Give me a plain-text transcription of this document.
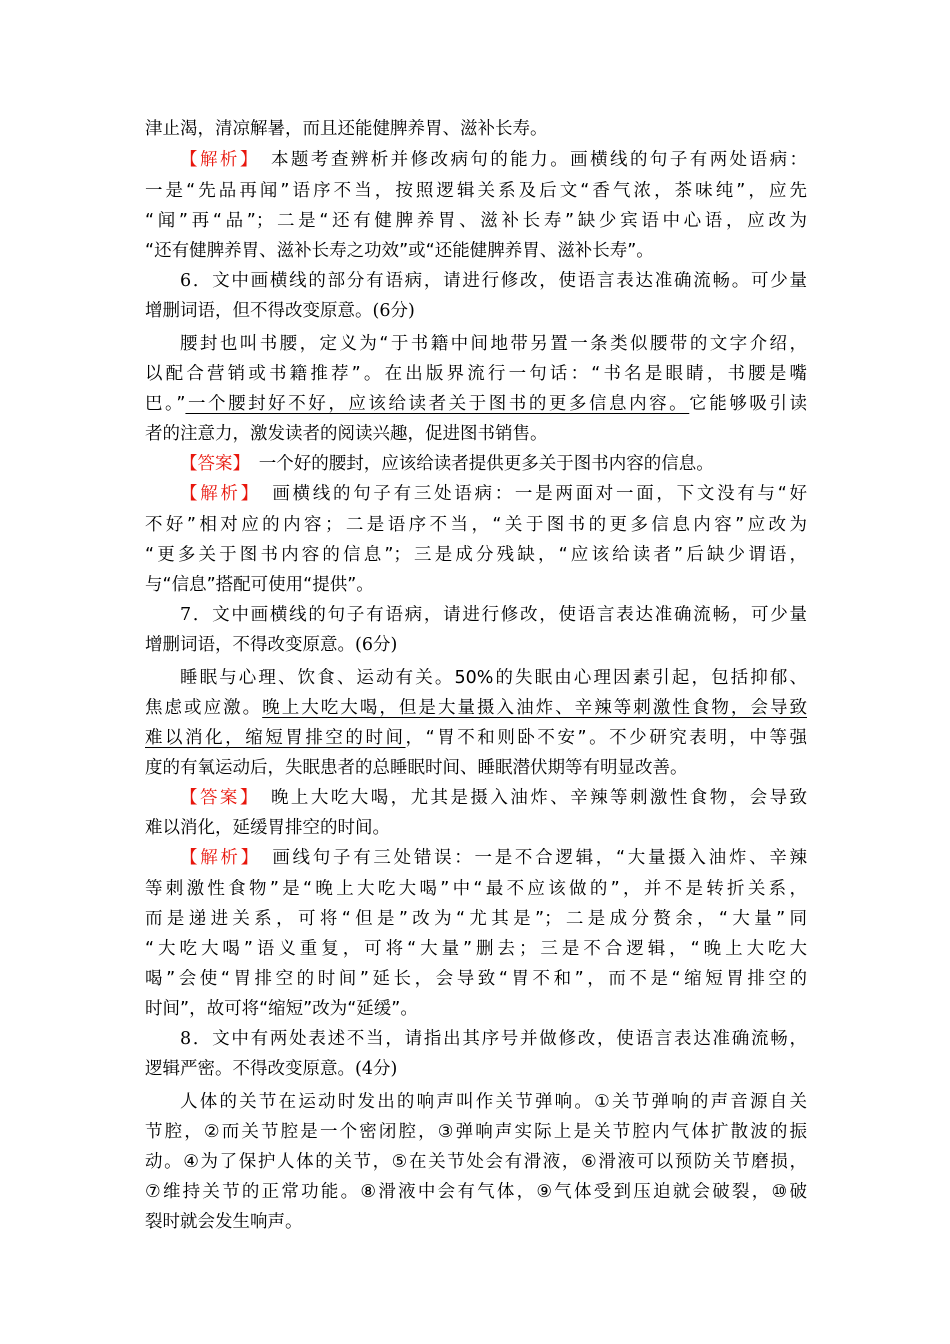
津止渴，清凉解暑，而且还能健脾养胃、滋补长寿。
【解析】　 本题考查辨析并修改病句的能力。画横线的句子有两处语病：
一是“先品再闻”语序不当，按照逻辑关系及后文“香气浓，茶味纯”，应先
“闻”再“品”；二是“还有健脾养胃、滋补长寿”缺少宾语中心语，应改为
“还有健脾养胃、滋补长寿之功效”或“还能健脾养胃、滋补长寿”。
6．文中画横线的部分有语病，请进行修改，使语言表达准确流畅。可少量
增删词语，但不得改变原意。(6分)
腰封也叫书腰，定义为“于书籍中间地带另置一条类似腰带的文字介绍，
以配合营销或书籍推荐”。在出版界流行一句话：“书名是眼睛，书腰是嘴
巴。”一个腰封好不好，应该给读者关于图书的更多信息内容。它能够吸引读
者的注意力，激发读者的阅读兴趣，促进图书销售。
【答案】　 一个好的腰封，应该给读者提供更多关于图书内容的信息。
【解析】　 画横线的句子有三处语病：一是两面对一面，下文没有与“好
不好”相对应的内容；二是语序不当，“关于图书的更多信息内容”应改为
“更多关于图书内容的信息”；三是成分残缺，“应该给读者”后缺少谓语，
与“信息”搭配可使用“提供”。
7．文中画横线的句子有语病，请进行修改，使语言表达准确流畅，可少量
增删词语，不得改变原意。(6分)
睡眠与心理、饮食、运动有关。50%的失眠由心理因素引起，包括抑郁、
焦虑或应激。晚上大吃大喝，但是大量摄入油炸、辛辣等刺激性食物，会导致
难以消化，缩短胃排空的时间，“胃不和则卧不安”。不少研究表明，中等强
度的有氧运动后，失眠患者的总睡眠时间、睡眠潜伏期等有明显改善。
【答案】　 晚上大吃大喝，尤其是摄入油炸、辛辣等刺激性食物，会导致
难以消化，延缓胃排空的时间。
【解析】　 画线句子有三处错误：一是不合逻辑，“大量摄入油炸、辛辣
等刺激性食物”是“晚上大吃大喝”中“最不应该做的”，并不是转折关系，
而是递进关系，可将“但是”改为“尤其是”；二是成分赘余，“大量”同
“大吃大喝”语义重复，可将“大量”删去；三是不合逻辑，“晚上大吃大
喝”会使“胃排空的时间”延长，会导致“胃不和”，而不是“缩短胃排空的
时间”，故可将“缩短”改为“延缓”。
8．文中有两处表述不当，请指出其序号并做修改，使语言表达准确流畅，
逻辑严密。不得改变原意。(4分)
人体的关节在运动时发出的响声叫作关节弹响。①关节弹响的声音源自关
节腔，②而关节腔是一个密闭腔，③弹响声实际上是关节腔内气体扩散波的振
动。④为了保护人体的关节，⑤在关节处会有滑液，⑥滑液可以预防关节磨损，
⑦维持关节的正常功能。⑧滑液中会有气体，⑨气体受到压迫就会破裂，⑩破
裂时就会发生响声。
